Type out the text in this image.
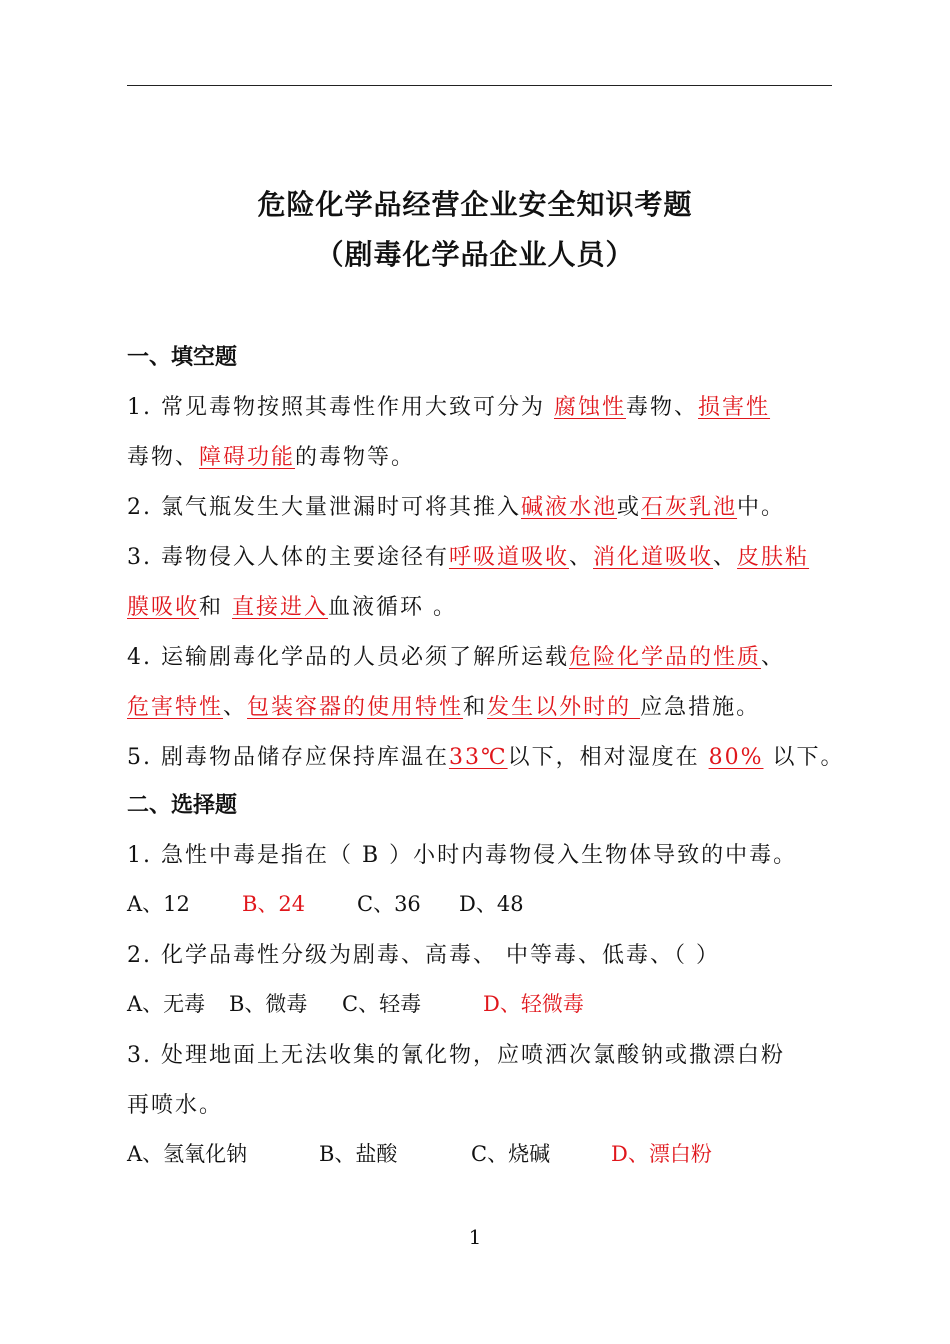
危险化学品经营企业安全知识考题
（剧毒化学品企业人员）
一、填空题
1. 常见毒物按照其毒性作用大致可分为 腐蚀性毒物、损害性
毒物、障碍功能的毒物等。
2. 氯气瓶发生大量泄漏时可将其推入碱液水池或石灰乳池中。
3. 毒物侵入人体的主要途径有呼吸道吸收、消化道吸收、皮肤粘
膜吸收和 直接进入血液循环 。
4. 运输剧毒化学品的人员必须了解所运载危险化学品的性质、
危害特性、包装容器的使用特性和发生以外时的 应急措施。
5. 剧毒物品储存应保持库温在33℃以下，相对湿度在 80% 以下。
二、选择题
1. 急性中毒是指在（ B ）小时内毒物侵入生物体导致的中毒。
A、12 B、24 C、36 D、48
2. 化学品毒性分级为剧毒、高毒、 中等毒、低毒、（ ）
A、无毒 B、微毒 C、轻毒	D、轻微毒
3. 处理地面上无法收集的氰化物，应喷洒次氯酸钠或撒漂白粉
再喷水。
A、氢氧化钠	B、盐酸	C、烧碱	D、漂白粉
1
